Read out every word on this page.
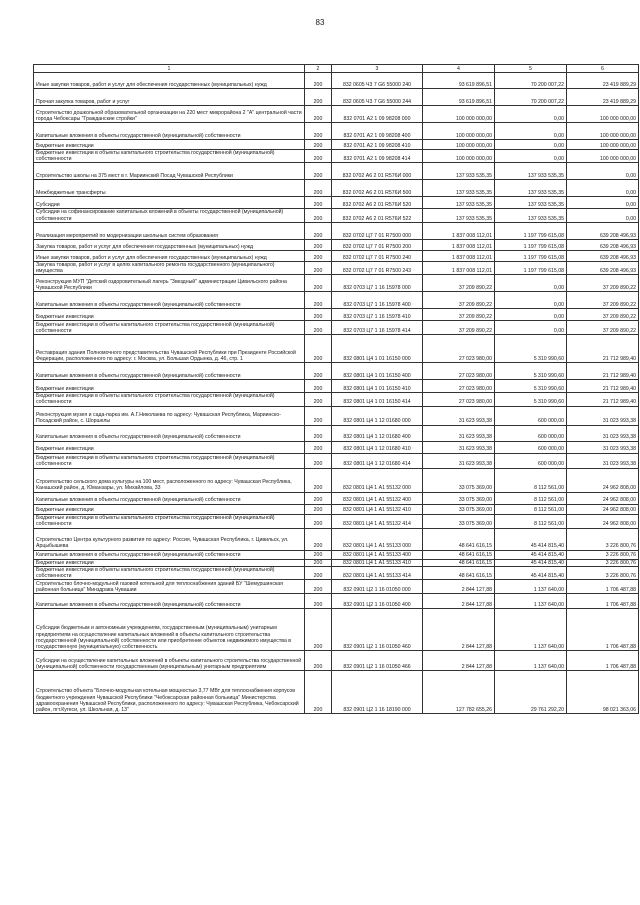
83
1	2	3	4	5	6
Иные закупки товаров, работ и услуг для обеспечения государственных (муниципальных) нужд	200	832 0605 Ч3 7 G6 55000 240	93 619 896,51	70 200 007,22	23 419 889,29
Прочая закупка товаров, работ и услуг	200	832 0605 Ч3 7 G6 55000 244	93 619 896,51	70 200 007,22	23 419 889,29
Строительство дошкольной образовательной организации на 220 мест микрорайона 2 "А" центральной части города Чебоксары "Гражданские стройки"	200	832 0701 А2 1 09 98208 000	100 000 000,00	0,00	100 000 000,00
Капитальные вложения в объекты государственной (муниципальной) собственности	200	832 0701 А2 1 09 98208 400	100 000 000,00	0,00	100 000 000,00
Бюджетные инвестиции	200	832 0701 А2 1 09 98208 410	100 000 000,00	0,00	100 000 000,00
Бюджетные инвестиции в объекты капитального строительства государственной (муниципальной) собственности	200	832 0701 А2 1 09 98208 414	100 000 000,00	0,00	100 000 000,00
Строительство школы на 375 мест в г. Мариинский Посад Чувашской Республики	200	832 0702 А6 2 01 R576И 000	137 933 535,35	137 933 535,35	0,00
Межбюджетные трансферты	200	832 0702 А6 2 01 R576И 500	137 933 535,35	137 933 535,35	0,00
Субсидии	200	832 0702 А6 2 01 R576И 520	137 933 535,35	137 933 535,35	0,00
Субсидии на софинансирование капитальных вложений в объекты государственной (муниципальной) собственности	200	832 0702 А6 2 01 R576И 522	137 933 535,35	137 933 535,35	0,00
Реализация мероприятий по модернизации школьных систем образования	200	832 0702 Ц7 7 01 R7500 000	1 837 008 112,01	1 197 799 615,08	639 208 496,93
Закупка товаров, работ и услуг для обеспечения государственных (муниципальных) нужд	200	832 0702 Ц7 7 01 R7500 200	1 837 008 112,01	1 197 799 615,08	639 208 496,93
Иные закупки товаров, работ и услуг для обеспечения государственных (муниципальных) нужд	200	832 0702 Ц7 7 01 R7500 240	1 837 008 112,01	1 197 799 615,08	639 208 496,93
Закупка товаров, работ и услуг в целях капитального ремонта государственного (муниципального) имущества	200	832 0702 Ц7 7 01 R7500 243	1 837 008 112,01	1 197 799 615,08	639 208 496,93
Реконструкция МУП "Детский оздоровительный лагерь "Звездный" администрации Цивильского района Чувашской Республики	200	832 0703 Ц7 1 16 15978 000	37 209 890,22	0,00	37 209 890,22
Капитальные вложения в объекты государственной (муниципальной) собственности	200	832 0703 Ц7 1 16 15978 400	37 209 890,22	0,00	37 209 890,22
Бюджетные инвестиции	200	832 0703 Ц7 1 16 15978 410	37 209 890,22	0,00	37 209 890,22
Бюджетные инвестиции в объекты капитального строительства государственной (муниципальной) собственности	200	832 0703 Ц7 1 16 15978 414	37 209 890,22	0,00	37 209 890,22
Реставрация здания Полномочного представительства Чувашской Республики при Президенте Российской Федерации, расположенного по адресу: г. Москва, ул. Большая Ордынка, д. 46, стр. 1	200	832 0801 Ц4 1 01 16150 000	27 023 980,00	5 310 990,60	21 712 989,40
Капитальные вложения в объекты государственной (муниципальной) собственности	200	832 0801 Ц4 1 01 16150 400	27 023 980,00	5 310 990,60	21 712 989,40
Бюджетные инвестиции	200	832 0801 Ц4 1 01 16150 410	27 023 980,00	5 310 990,60	21 712 989,40
Бюджетные инвестиции в объекты капитального строительства государственной (муниципальной) собственности	200	832 0801 Ц4 1 01 16150 414	27 023 980,00	5 310 990,60	21 712 989,40
Реконструкция музея и сада-парка им. А.Г.Николаева по адресу: Чувашская Республика, Мариинско-Посадский район, с. Шоршелы	200	832 0801 Ц4 1 12 01680 000	31 623 993,38	600 000,00	31 023 993,38
Капитальные вложения в объекты государственной (муниципальной) собственности	200	832 0801 Ц4 1 12 01680 400	31 623 993,38	600 000,00	31 023 993,38
Бюджетные инвестиции	200	832 0801 Ц4 1 12 01680 410	31 623 993,38	600 000,00	31 023 993,38
Бюджетные инвестиции в объекты капитального строительства государственной (муниципальной) собственности	200	832 0801 Ц4 1 12 01680 414	31 623 993,38	600 000,00	31 023 993,38
Строительство сельского дома культуры на 100 мест, расположенного по адресу: Чувашская Республика, Канашский район, д. Юманзары, ул. Михайлова, 33	200	832 0801 Ц4 1 А1 55132 000	33 075 369,00	8 112 561,00	24 962 808,00
Капитальные вложения в объекты государственной (муниципальной) собственности	200	832 0801 Ц4 1 А1 55132 400	33 075 369,00	8 112 561,00	24 962 808,00
Бюджетные инвестиции	200	832 0801 Ц4 1 А1 55132 410	33 075 369,00	8 112 561,00	24 962 808,00
Бюджетные инвестиции в объекты капитального строительства государственной (муниципальной) собственности	200	832 0801 Ц4 1 А1 55132 414	33 075 369,00	8 112 561,00	24 962 808,00
Строительство Центра культурного развития по адресу: Россия, Чувашская Республика, г. Цивильск, ул. Арцыбышева	200	832 0801 Ц4 1 А1 55133 000	48 641 616,15	45 414 815,40	3 226 800,76
Капитальные вложения в объекты государственной (муниципальной) собственности	200	832 0801 Ц4 1 А1 55133 400	48 641 616,15	45 414 815,40	3 226 800,76
Бюджетные инвестиции	200	832 0801 Ц4 1 А1 55133 410	48 641 616,15	45 414 815,40	3 226 800,76
Бюджетные инвестиции в объекты капитального строительства государственной (муниципальной) собственности	200	832 0801 Ц4 1 А1 55133 414	48 641 616,15	45 414 815,40	3 226 800,76
Строительство блочно-модульной газовой котельной для теплоснабжения зданий БУ "Шемуршинская районная больница" Минздрава Чувашии	200	832 0901 Ц2 1 16 01050 000	2 844 127,88	1 137 640,00	1 706 487,88
Капитальные вложения в объекты государственной (муниципальной) собственности	200	832 0901 Ц2 1 16 01050 400	2 844 127,88	1 137 640,00	1 706 487,88
Субсидии бюджетным и автономным учреждениям, государственным (муниципальным) унитарным предприятиям на осуществление капитальных вложений в объекты капитального строительства государственной (муниципальной) собственности или приобретение объектов недвижимого имущества в государственную (муниципальную) собственность	200	832 0901 Ц2 1 16 01050 460	2 844 127,88	1 137 640,00	1 706 487,88
Субсидии на осуществление капитальных вложений в объекты капитального строительства государственной (муниципальной) собственности государственным (муниципальным) унитарным предприятиям	200	832 0901 Ц2 1 16 01050 466	2 844 127,88	1 137 640,00	1 706 487,88
Строительство объекта "Блочно-модульная котельная мощностью 3,77 МВт для теплоснабжения корпусов бюджетного учреждения Чувашской Республики "Чебоксарская районная больница" Министерства здравоохранения Чувашской Республики, расположенного по адресу: Чувашская Республика, Чебоксарский район, пгт.Кугеси, ул. Школьная, д. 13"	200	832 0901 Ц2 1 16 18190 000	127 782 655,26	29 761 292,20	98 021 363,06
